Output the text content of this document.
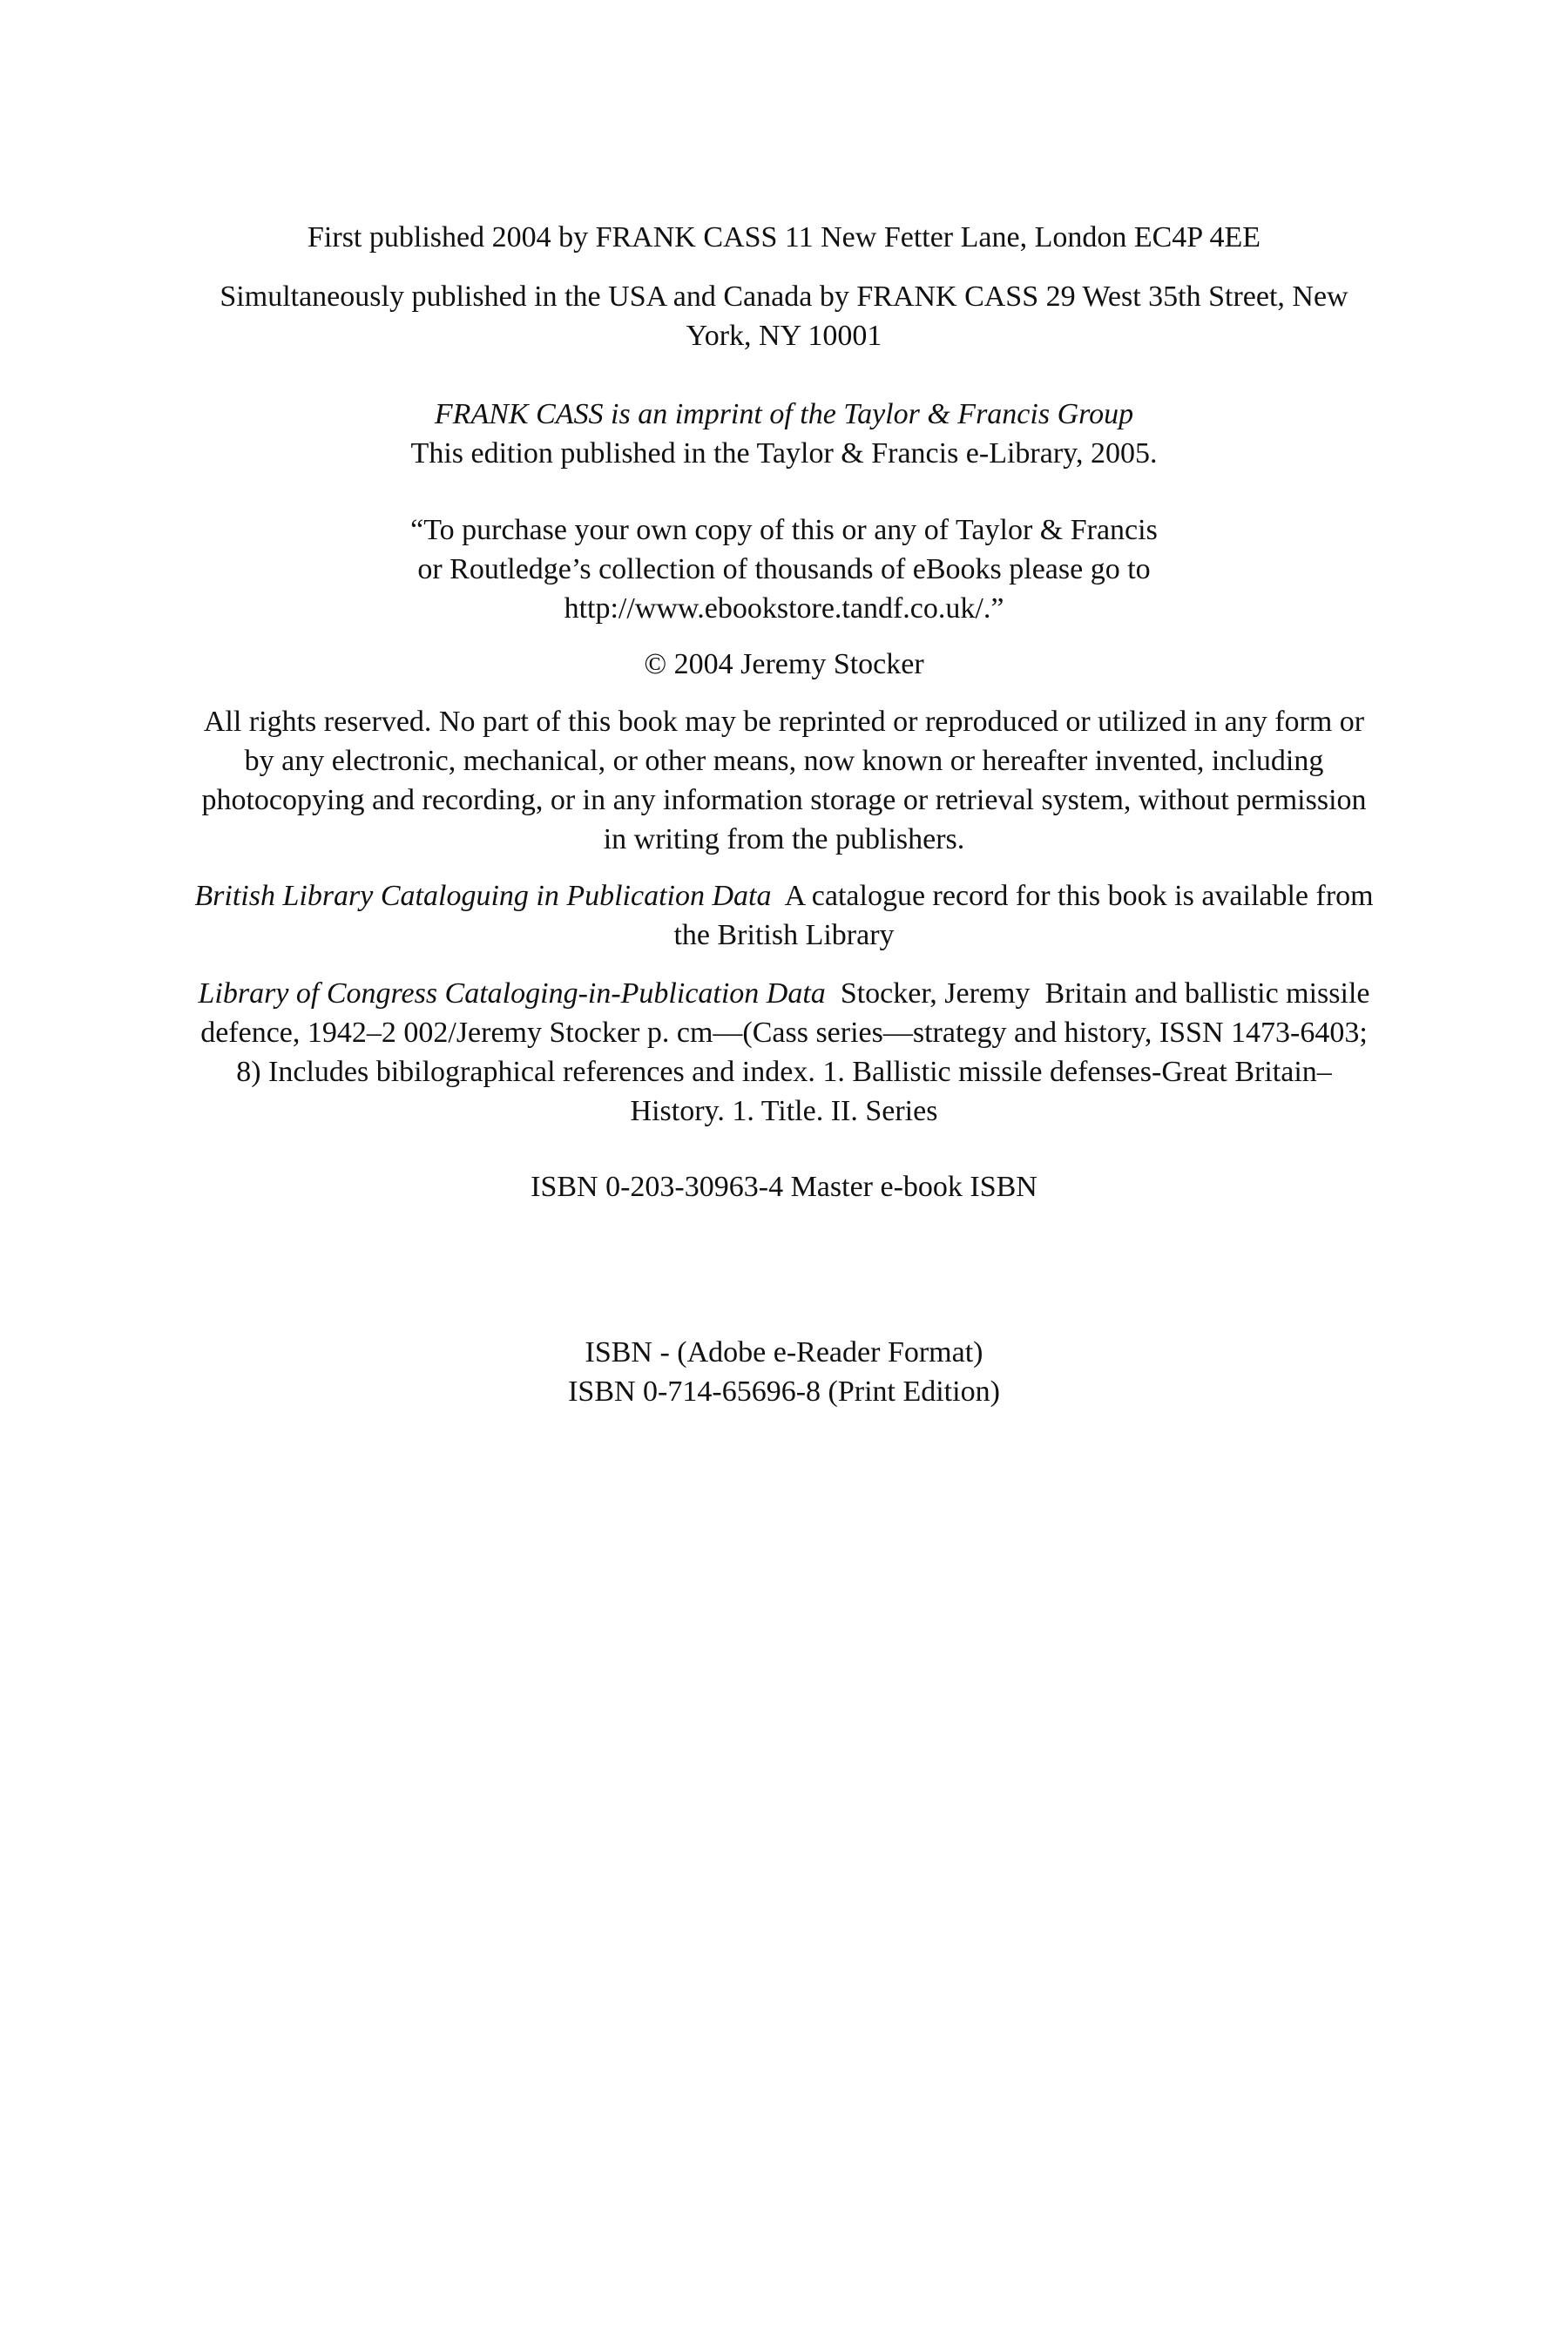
First published 2004 by FRANK CASS 11 New Fetter Lane, London EC4P 4EE

Simultaneously published in the USA and Canada by FRANK CASS 29 West 35th Street, New
York, NY 10001

FRANK CASS is an imprint of the Taylor & Francis Group
This edition published in the Taylor & Francis e-Library, 2005.

“To purchase your own copy of this or any of Taylor & Francis
or Routledge’s collection of thousands of eBooks please go to
http://www.ebookstore.tandf.co.uk/.”

© 2004 Jeremy Stocker

All rights reserved. No part of this book may be reprinted or reproduced or utilized in any form or
by any electronic, mechanical, or other means, now known or hereafter invented, including
photocopying and recording, or in any information storage or retrieval system, without permission
in writing from the publishers.

British Library Cataloguing in Publication Data  A catalogue record for this book is available from
the British Library

Library of Congress Cataloging-in-Publication Data  Stocker, Jeremy  Britain and ballistic missile
defence, 1942–2 002/Jeremy Stocker p. cm—(Cass series—strategy and history, ISSN 1473-6403;
8) Includes bibilographical references and index. 1. Ballistic missile defenses-Great Britain–
History. 1. Title. II. Series

ISBN 0-203-30963-4 Master e-book ISBN

ISBN - (Adobe e-Reader Format)
ISBN 0-714-65696-8 (Print Edition)
